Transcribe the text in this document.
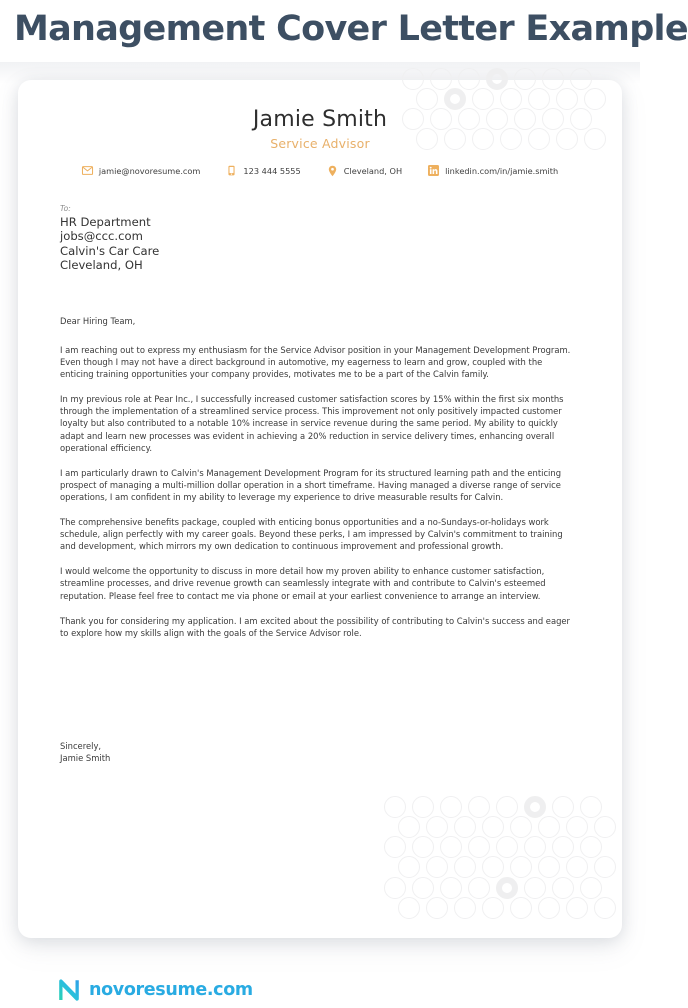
Management Cover Letter Example
Jamie Smith
Service Advisor
jamie@novoresume.com	123 444 5555	Cleveland, OH	linkedin.com/in/jamie.smith
To:
HR Department
jobs@ccc.com
Calvin's Car Care
Cleveland, OH
Dear Hiring Team,

I am reaching out to express my enthusiasm for the Service Advisor position in your Management Development Program. Even though I may not have a direct background in automotive, my eagerness to learn and grow, coupled with the enticing training opportunities your company provides, motivates me to be a part of the Calvin family.

In my previous role at Pear Inc., I successfully increased customer satisfaction scores by 15% within the first six months through the implementation of a streamlined service process. This improvement not only positively impacted customer loyalty but also contributed to a notable 10% increase in service revenue during the same period. My ability to quickly adapt and learn new processes was evident in achieving a 20% reduction in service delivery times, enhancing overall operational efficiency.

I am particularly drawn to Calvin's Management Development Program for its structured learning path and the enticing prospect of managing a multi-million dollar operation in a short timeframe. Having managed a diverse range of service operations, I am confident in my ability to leverage my experience to drive measurable results for Calvin.

The comprehensive benefits package, coupled with enticing bonus opportunities and a no-Sundays-or-holidays work schedule, align perfectly with my career goals. Beyond these perks, I am impressed by Calvin's commitment to training and development, which mirrors my own dedication to continuous improvement and professional growth.

I would welcome the opportunity to discuss in more detail how my proven ability to enhance customer satisfaction, streamline processes, and drive revenue growth can seamlessly integrate with and contribute to Calvin's esteemed reputation. Please feel free to contact me via phone or email at your earliest convenience to arrange an interview.

Thank you for considering my application. I am excited about the possibility of contributing to Calvin's success and eager to explore how my skills align with the goals of the Service Advisor role.

Sincerely,
Jamie Smith
novoresume.com
